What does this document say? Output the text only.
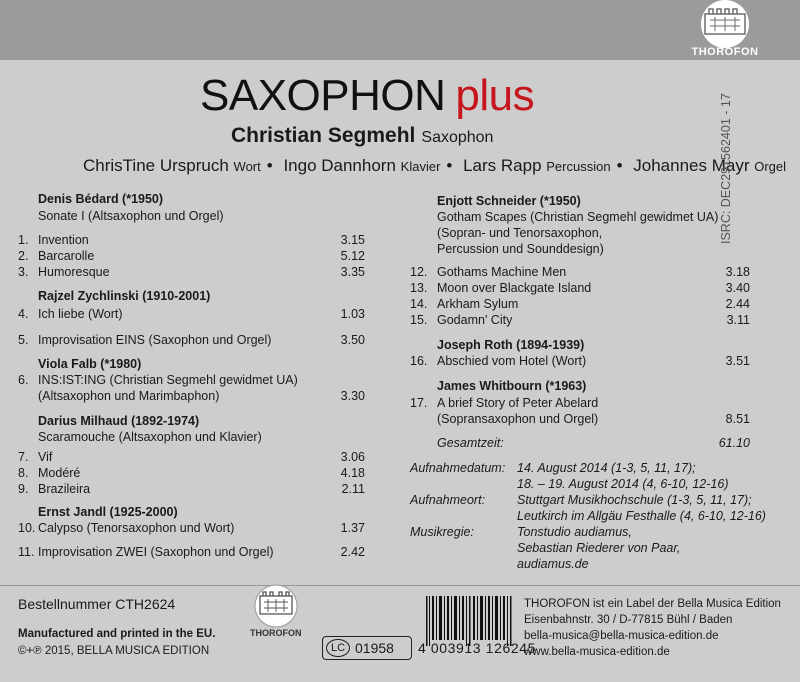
THOROFON
SAXOPHON plus
Christian Segmehl Saxophon
ChrisTine Urspruch Wort • Ingo Dannhorn Klavier • Lars Rapp Percussion • Johannes Mayr Orgel
ISRC: DEC291562401 - 17
Denis Bédard (*1950)
Sonate I (Altsaxophon und Orgel)
1. Invention	3.15
2. Barcarolle	5.12
3. Humoresque	3.35
Rajzel Zychlinski (1910-2001)
4. Ich liebe (Wort)	1.03
5. Improvisation EINS (Saxophon und Orgel)	3.50
Viola Falb (*1980)
6. INS:IST:ING (Christian Segmehl gewidmet UA)
(Altsaxophon und Marimbaphon)	3.30
Darius Milhaud (1892-1974)
Scaramouche (Altsaxophon und Klavier)
7. Vif	3.06
8. Modéré	4.18
9. Brazileira	2.11
Ernst Jandl (1925-2000)
10. Calypso (Tenorsaxophon und Wort)	1.37
11. Improvisation ZWEI (Saxophon und Orgel)	2.42
Enjott Schneider (*1950)
Gotham Scapes (Christian Segmehl gewidmet UA)
(Sopran- und Tenorsaxophon,
Percussion und Sounddesign)
12. Gothams Machine Men	3.18
13. Moon over Blackgate Island	3.40
14. Arkham Sylum	2.44
15. Godamn' City	3.11
Joseph Roth (1894-1939)
16. Abschied vom Hotel (Wort)	3.51
James Whitbourn (*1963)
17. A brief Story of Peter Abelard
(Sopransaxophon und Orgel)	8.51
Gesamtzeit:	61.10
Aufnahmedatum: 14. August 2014 (1-3, 5, 11, 17);
18. – 19. August 2014 (4, 6-10, 12-16)
Aufnahmeort:	Stuttgart Musikhochschule (1-3, 5, 11, 17);
Leutkirch im Allgäu Festhalle (4, 6-10, 12-16)
Musikregie:	Tonstudio audiamus,
Sebastian Riederer von Paar,
audiamus.de
Bestellnummer CTH2624
Manufactured and printed in the EU.
©+℗ 2015, BELLA MUSICA EDITION
THOROFON
LC 01958 4 003913 126245
THOROFON ist ein Label der Bella Musica Edition
Eisenbahnstr. 30 / D-77815 Bühl / Baden
bella-musica@bella-musica-edition.de
www.bella-musica-edition.de
